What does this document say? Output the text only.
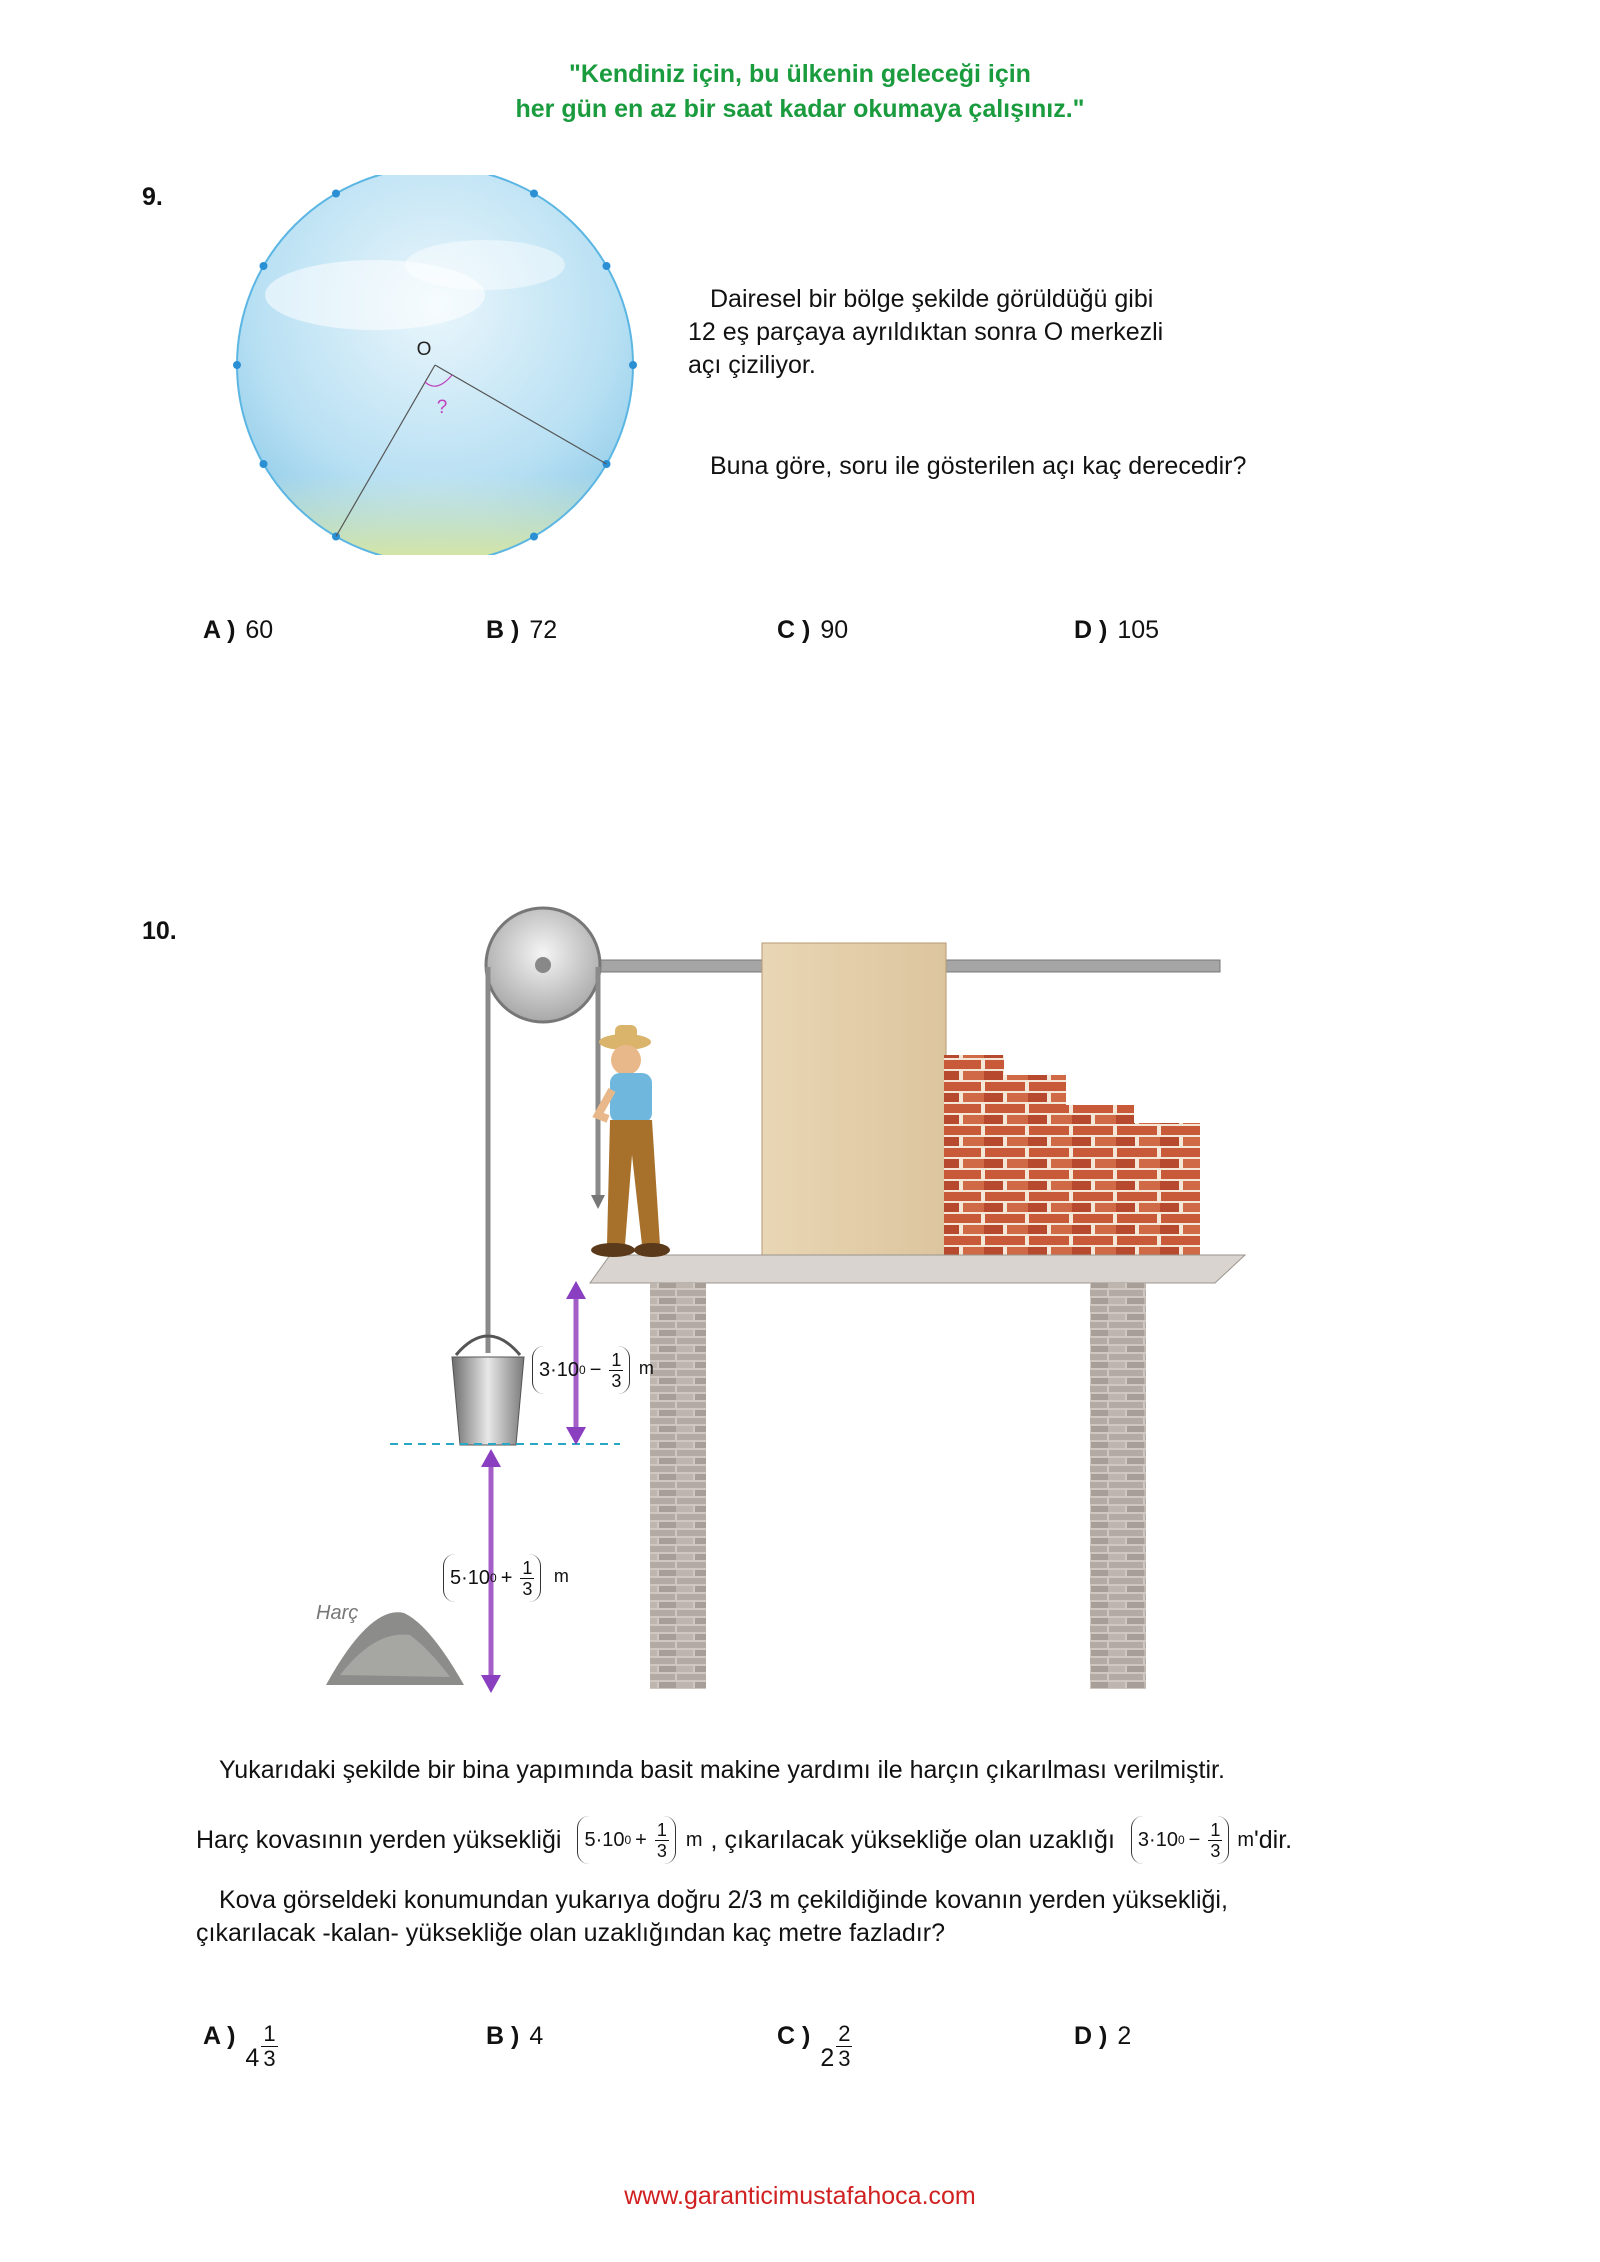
"Kendiniz için, bu ülkenin geleceği için
her gün en az bir saat kadar okumaya çalışınız."
9.
O
?
Dairesel bir bölge şekilde görüldüğü gibi
12 eş parçaya ayrıldıktan sonra O merkezli
açı çiziliyor.
Buna göre, soru ile gösterilen açı kaç derecedir?
A ) 60	B ) 72	C ) 90	D ) 105
10.
Harç
3·10 $0 - \frac{1}{3}$ m
5·10 $0 + \frac{1}{3}$ m
Yukarıdaki şekilde bir bina yapımında basit makine yardımı ile harçın çıkarılması verilmiştir.
Harç kovasının yerden yüksekliği 5·10 $0 + \frac{1}{3}$ m , çıkarılacak yüksekliğe olan uzaklığı 3·10 $0 - \frac{1}{3}$ m 'dir.
Kova görseldeki konumundan yukarıya doğru 2/3 m çekildiğinde kovanın yerden yüksekliği,
çıkarılacak -kalan- yüksekliğe olan uzaklığından kaç metre fazladır?
A )
$4 \frac{1}{3}$	B ) 4	C )
$2 \frac{2}{3}$	D ) 2
www.garanticimustafahoca.com
